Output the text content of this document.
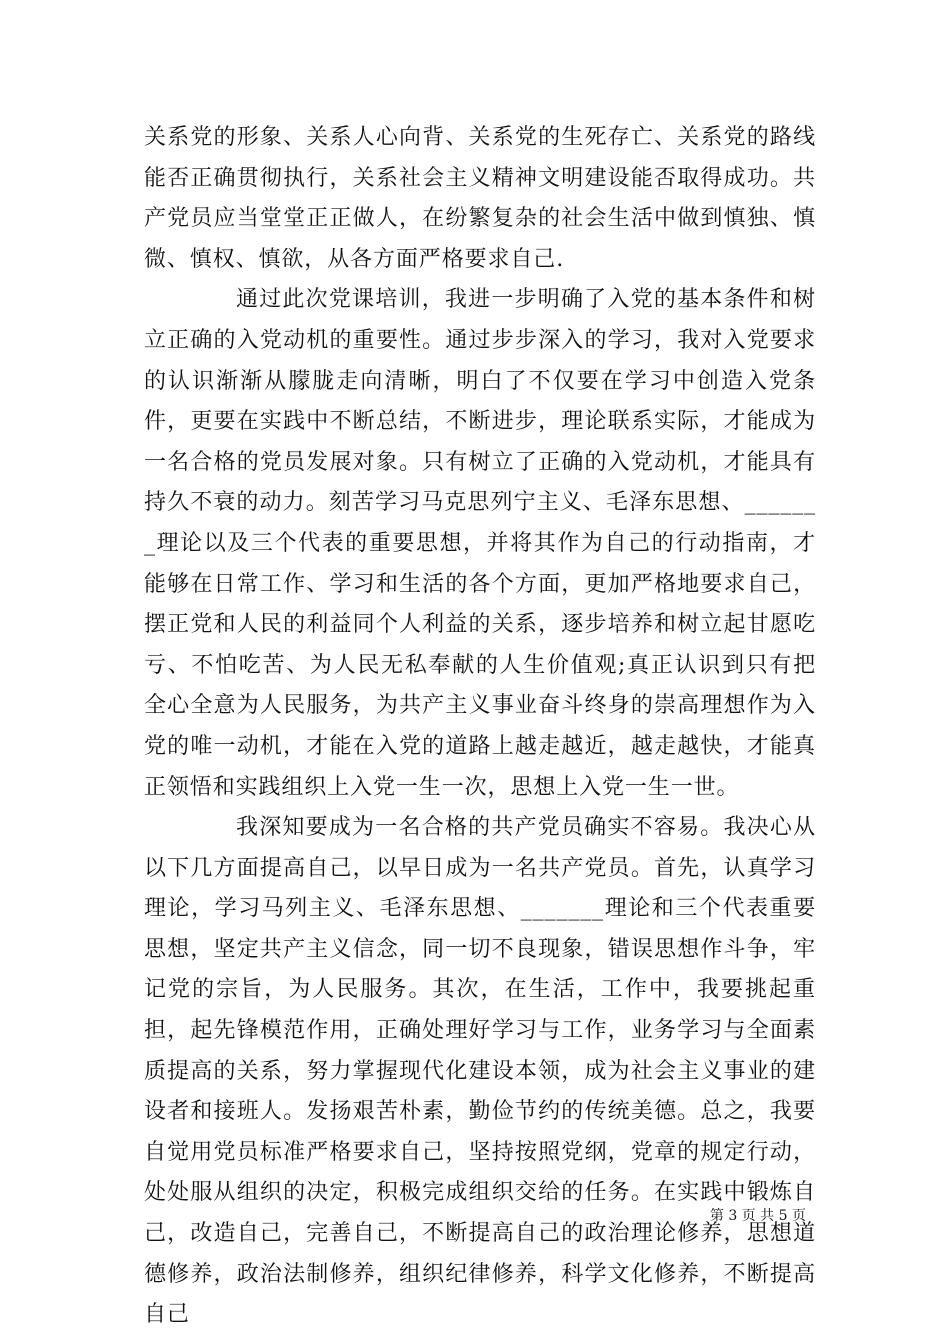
关系党的形象、关系人心向背、关系党的生死存亡、关系党的路线能否正确贯彻执行，关系社会主义精神文明建设能否取得成功。共产党员应当堂堂正正做人，在纷繁复杂的社会生活中做到慎独、慎微、慎权、慎欲，从各方面严格要求自己.

通过此次党课培训，我进一步明确了入党的基本条件和树立正确的入党动机的重要性。通过步步深入的学习，我对入党要求的认识渐渐从朦胧走向清晰，明白了不仅要在学习中创造入党条件，更要在实践中不断总结，不断进步，理论联系实际，才能成为一名合格的党员发展对象。只有树立了正确的入党动机，才能具有持久不衰的动力。刻苦学习马克思列宁主义、毛泽东思想、_______理论以及三个代表的重要思想，并将其作为自己的行动指南，才能够在日常工作、学习和生活的各个方面，更加严格地要求自己，摆正党和人民的利益同个人利益的关系，逐步培养和树立起甘愿吃亏、不怕吃苦、为人民无私奉献的人生价值观;真正认识到只有把全心全意为人民服务，为共产主义事业奋斗终身的崇高理想作为入党的唯一动机，才能在入党的道路上越走越近，越走越快，才能真正领悟和实践组织上入党一生一次，思想上入党一生一世。

我深知要成为一名合格的共产党员确实不容易。我决心从以下几方面提高自己，以早日成为一名共产党员。首先，认真学习理论，学习马列主义、毛泽东思想、_______理论和三个代表重要思想，坚定共产主义信念，同一切不良现象，错误思想作斗争，牢记党的宗旨，为人民服务。其次，在生活，工作中，我要挑起重担，起先锋模范作用，正确处理好学习与工作，业务学习与全面素质提高的关系，努力掌握现代化建设本领，成为社会主义事业的建设者和接班人。发扬艰苦朴素，勤俭节约的传统美德。总之，我要自觉用党员标准严格要求自己，坚持按照党纲，党章的规定行动，处处服从组织的决定，积极完成组织交给的任务。在实践中锻炼自己，改造自己，完善自己，不断提高自己的政治理论修养，思想道德修养，政治法制修养，组织纪律修养，科学文化修养，不断提高自己

第 3 页 共 5 页
